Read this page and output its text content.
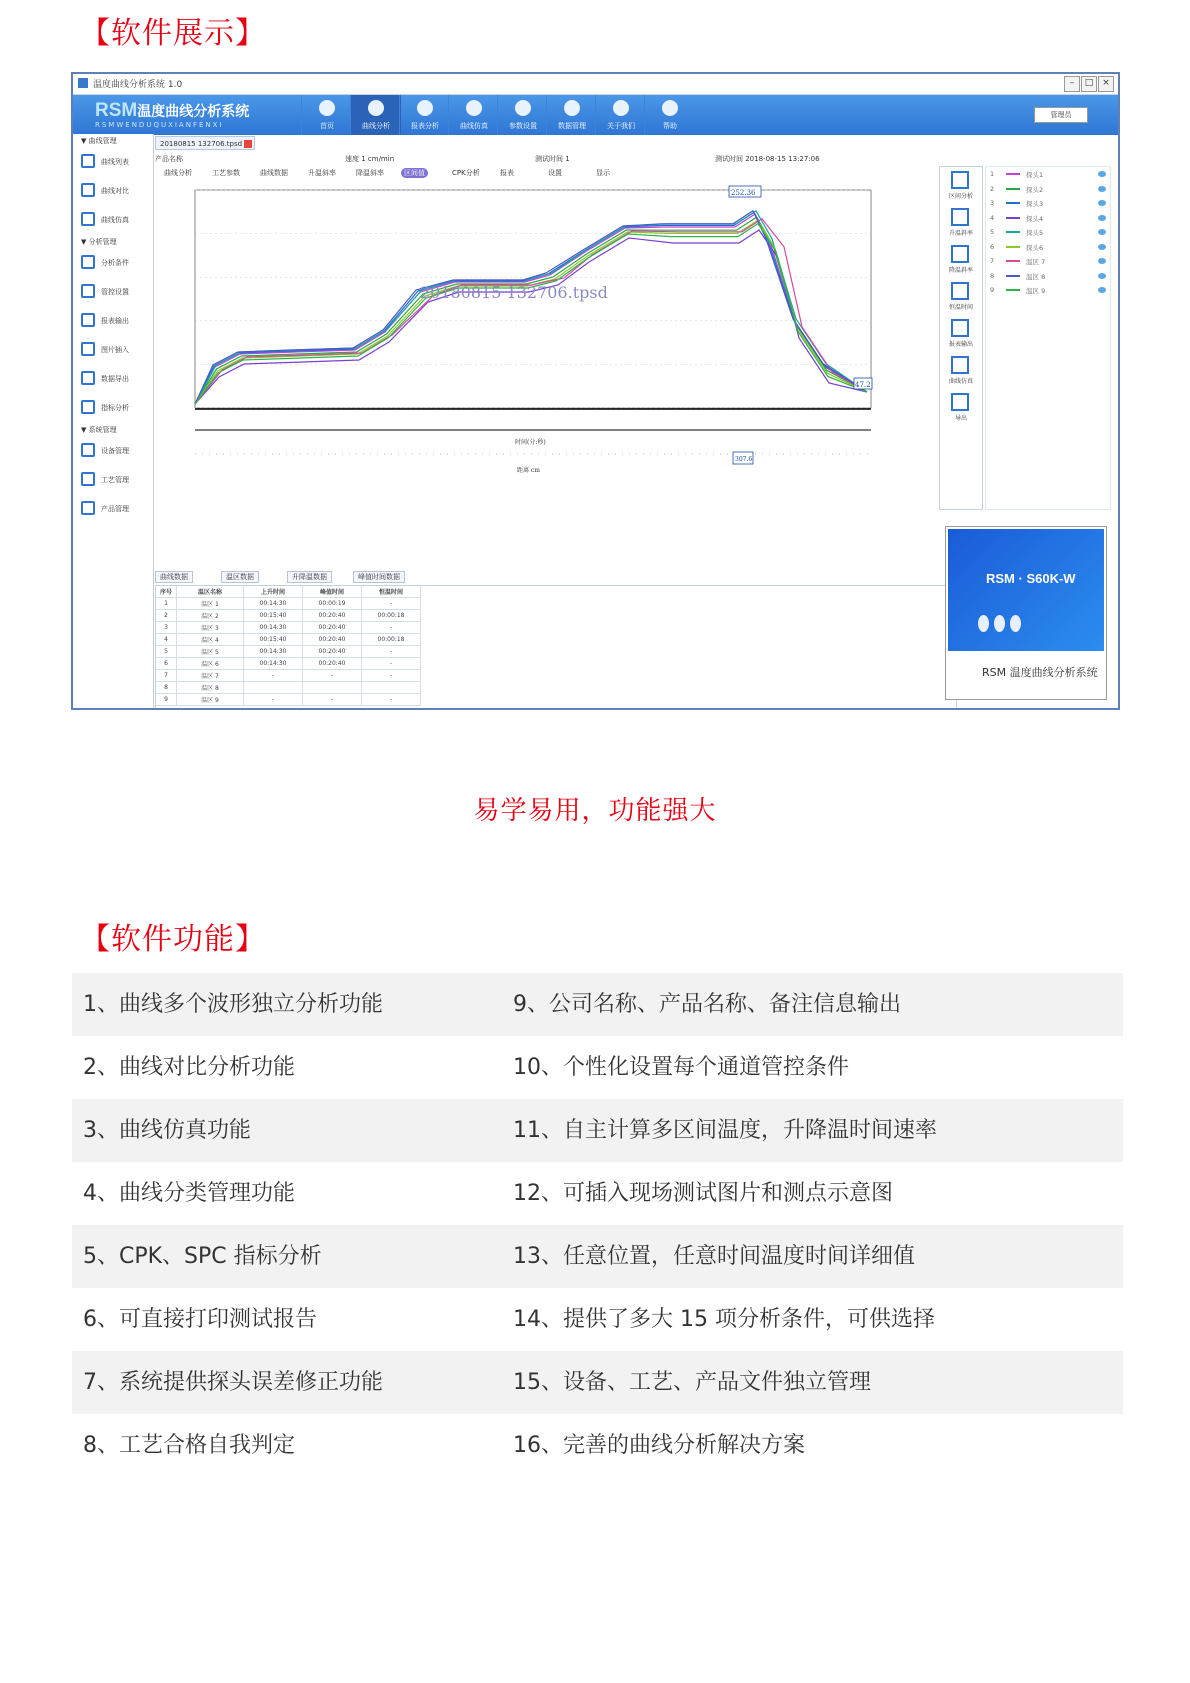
【软件展示】
温度曲线分析系统 1.0	–	□ ×
RSM温度曲线分析系统
RSMWENDUQUXIANFENXI	首页	曲线分析	报表分析	曲线仿真	参数设置	数据管理	关于我们	帮助
管理员
▼ 曲线管理
曲线列表
曲线对比
曲线仿真
▼ 分析管理
分析条件
管控设置
报表输出
图片插入
数据导出
指标分析
▼ 系统管理
设备管理
工艺管理
产品管理
20180815 132706.tpsd
产品名称	速度 1 cm/min	测试时间 1	测试时间 2018-08-15 13:27:06
曲线分析	工艺参数	曲线数据	升温斜率	降温斜率	区间值	CPK分析	报表	设置	显示
20180815 132706.tpsd
252.36
47.2
307.6
时间(分:秒)
距离 cm
曲线数据	温区数据	升降温数据	峰值时间数据
序号	温区名称	上升时间	峰值时间	恒温时间
1	温区 1	00:14:30	00:00:19	-
2	温区 2	00:15:40	00:20:40	00:00:18
3	温区 3	00:14:30	00:20:40	-
4	温区 4	00:15:40	00:20:40	00:00:18
5	温区 5	00:14:30	00:20:40	-
6	温区 6	00:14:30	00:20:40	-
7	温区 7	-	-	-
8	温区 8			
9	温区 9	-	-	-
区间分析
升温斜率
降温斜率
恒温时间
报表输出
曲线仿真
导出
1	探头1
2	探头2
3	探头3
4	探头4
5	探头5
6	探头6
7	温区 7
8	温区 8
9	温区 9
RSM · S60K-W
RSM 温度曲线分析系统
易学易用，功能强大
【软件功能】
1、曲线多个波形独立分析功能	9、公司名称、产品名称、备注信息输出
2、曲线对比分析功能	10、个性化设置每个通道管控条件
3、曲线仿真功能	11、自主计算多区间温度，升降温时间速率
4、曲线分类管理功能	12、可插入现场测试图片和测点示意图
5、CPK、SPC 指标分析	13、任意位置，任意时间温度时间详细值
6、可直接打印测试报告	14、提供了多大 15 项分析条件，可供选择
7、系统提供探头误差修正功能	15、设备、工艺、产品文件独立管理
8、工艺合格自我判定	16、完善的曲线分析解决方案
